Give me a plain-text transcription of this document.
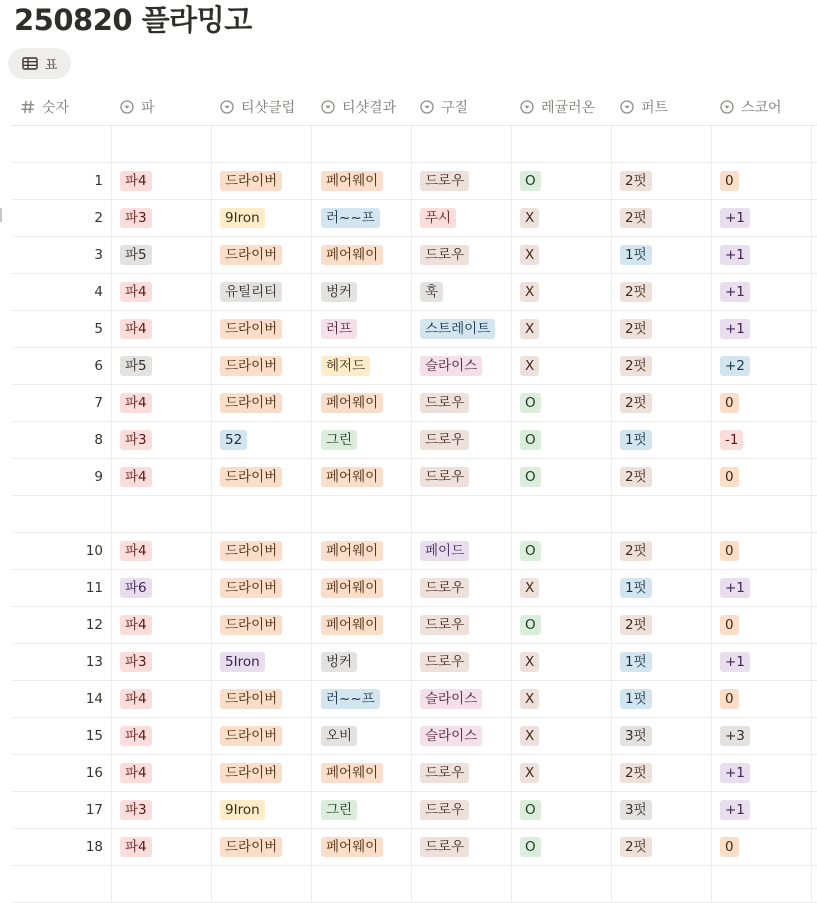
250820 플라밍고
표
숫자	파	티샷클럽	티샷결과	구질	레귤러온	퍼트	스코어
1	파4	드라이버	페어웨이	드로우	O	2펏	0
2	파3	9Iron	러~~프	푸시	X	2펏	+1
3	파5	드라이버	페어웨이	드로우	X	1펏	+1
4	파4	유틸리티	벙커	훅	X	2펏	+1
5	파4	드라이버	러프	스트레이트	X	2펏	+1
6	파5	드라이버	헤저드	슬라이스	X	2펏	+2
7	파4	드라이버	페어웨이	드로우	O	2펏	0
8	파3	52	그린	드로우	O	1펏	-1
9	파4	드라이버	페어웨이	드로우	O	2펏	0
10	파4	드라이버	페어웨이	페이드	O	2펏	0
11	파6	드라이버	페어웨이	드로우	X	1펏	+1
12	파4	드라이버	페어웨이	드로우	O	2펏	0
13	파3	5Iron	벙커	드로우	X	1펏	+1
14	파4	드라이버	러~~프	슬라이스	X	1펏	0
15	파4	드라이버	오비	슬라이스	X	3펏	+3
16	파4	드라이버	페어웨이	드로우	X	2펏	+1
17	파3	9Iron	그린	드로우	O	3펏	+1
18	파4	드라이버	페어웨이	드로우	O	2펏	0
